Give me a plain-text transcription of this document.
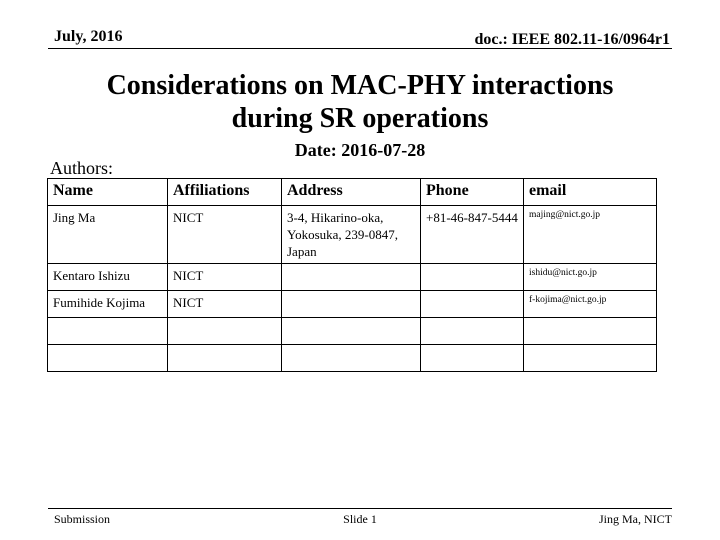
July, 2016	doc.: IEEE 802.11-16/0964r1
Considerations on MAC-PHY interactions
during SR operations
Date: 2016-07-28
Authors:
Name	Affiliations	Address	Phone	email
Jing Ma	NICT	3-4, Hikarino-oka, Yokosuka, 239-0847, Japan	+81-46-847-5444	majing@nict.go.jp
Kentaro Ishizu	NICT			ishidu@nict.go.jp
Fumihide Kojima	NICT			f-kojima@nict.go.jp

Submission	Slide 1	Jing Ma, NICT
